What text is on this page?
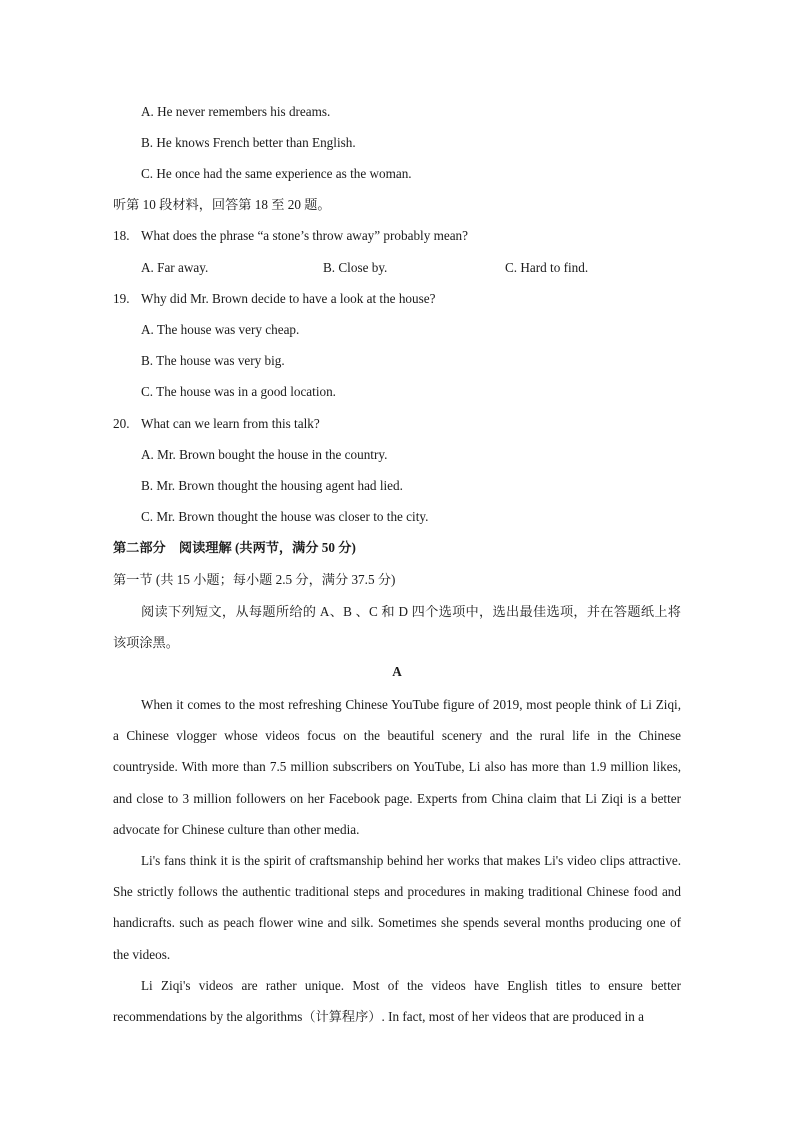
A. He never remembers his dreams.
B. He knows French better than English.
C. He once had the same experience as the woman.
听第 10 段材料，回答第 18 至 20 题。
18. What does the phrase “a stone’s throw away” probably mean?
A. Far away.	B. Close by.	C. Hard to find.
19. Why did Mr. Brown decide to have a look at the house?
A. The house was very cheap.
B. The house was very big.
C. The house was in a good location.
20. What can we learn from this talk?
A. Mr. Brown bought the house in the country.
B. Mr. Brown thought the housing agent had lied.
C. Mr. Brown thought the house was closer to the city.
第二部分　阅读理解 (共两节，满分 50 分)
第一节 (共 15 小题；每小题 2.5 分，满分 37.5 分)

阅读下列短文，从每题所给的 A、B 、C 和 D 四个选项中，选出最佳选项，并在答题纸上将该项涂黑。

A

When it comes to the most refreshing Chinese YouTube figure of 2019, most people think of Li Ziqi, a Chinese vlogger whose videos focus on the beautiful scenery and the rural life in the Chinese countryside. With more than 7.5 million subscribers on YouTube, Li also has more than 1.9 million likes, and close to 3 million followers on her Facebook page. Experts from China claim that Li Ziqi is a better advocate for Chinese culture than other media.

Li's fans think it is the spirit of craftsmanship behind her works that makes Li's video clips attractive. She strictly follows the authentic traditional steps and procedures in making traditional Chinese food and handicrafts. such as peach flower wine and silk. Sometimes she spends several months producing one of the videos.

Li Ziqi's videos are rather unique. Most of the videos have English titles to ensure better recommendations by the algorithms（计算程序）. In fact, most of her videos that are produced in a
